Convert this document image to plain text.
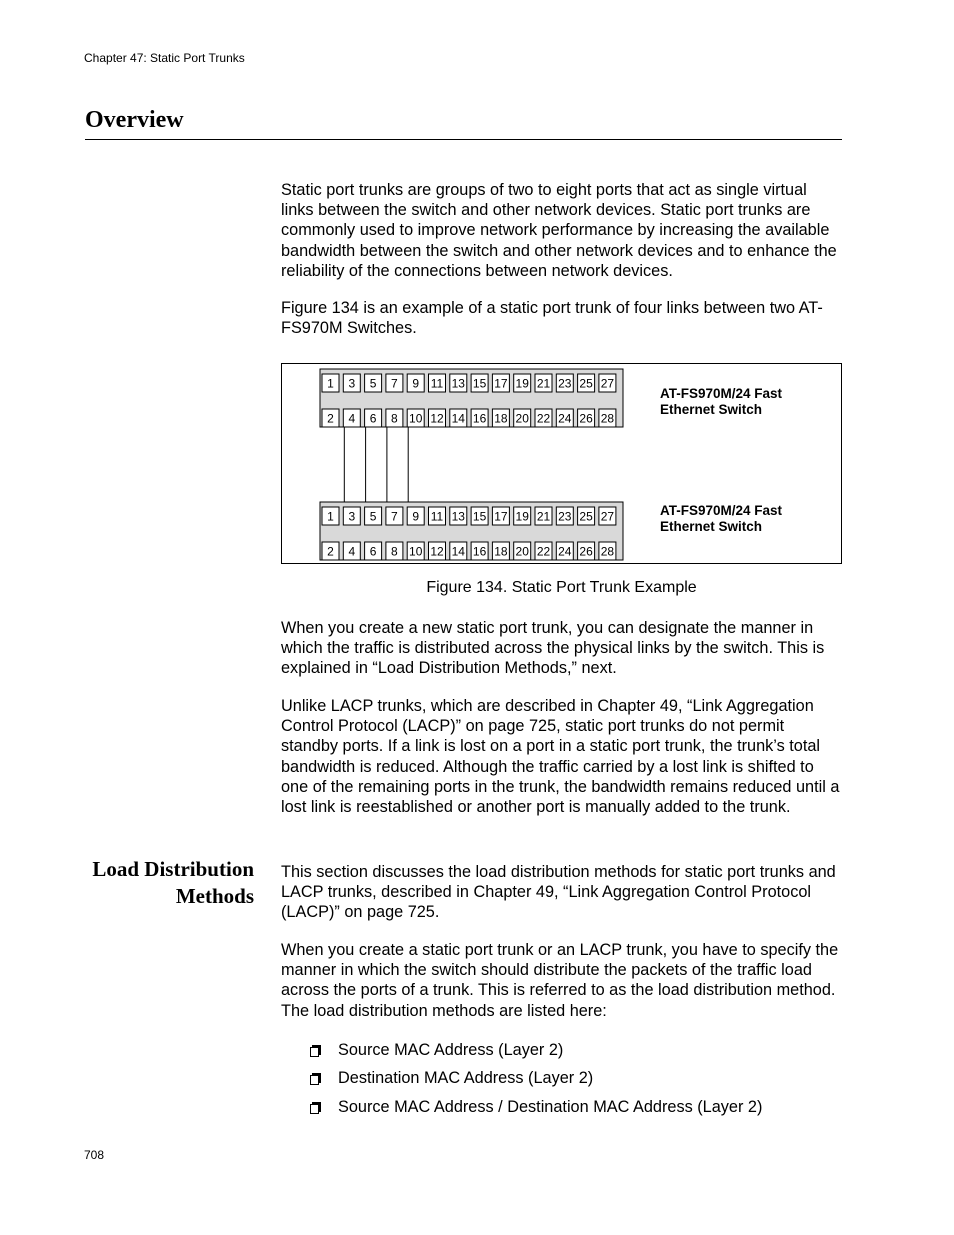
Chapter 47: Static Port Trunks
Overview

Static port trunks are groups of two to eight ports that act as single virtual links between the switch and other network devices. Static port trunks are commonly used to improve network performance by increasing the available bandwidth between the switch and other network devices and to enhance the reliability of the connections between network devices.

Figure 134 is an example of a static port trunk of four links between two AT-FS970M Switches.

1 3 5 7 9 11 13 15 17 19 21 23 25 27
2 4 6 8 10 12 14 16 18 20 22 24 26 28
1 3 5 7 9 11 13 15 17 19 21 23 25 27
2 4 6 8 10 12 14 16 18 20 22 24 26 28
AT-FS970M/24 Fast Ethernet Switch
AT-FS970M/24 Fast Ethernet Switch
Figure 134. Static Port Trunk Example

When you create a new static port trunk, you can designate the manner in which the traffic is distributed across the physical links by the switch. This is explained in “Load Distribution Methods,” next.

Unlike LACP trunks, which are described in Chapter 49, “Link Aggregation Control Protocol (LACP)” on page 725, static port trunks do not permit standby ports. If a link is lost on a port in a static port trunk, the trunk’s total bandwidth is reduced. Although the traffic carried by a lost link is shifted to one of the remaining ports in the trunk, the bandwidth remains reduced until a lost link is reestablished or another port is manually added to the trunk.

Load Distribution
Methods

This section discusses the load distribution methods for static port trunks and LACP trunks, described in Chapter 49, “Link Aggregation Control Protocol (LACP)” on page 725.

When you create a static port trunk or an LACP trunk, you have to specify the manner in which the switch should distribute the packets of the traffic load across the ports of a trunk. This is referred to as the load distribution method. The load distribution methods are listed here:

Source MAC Address (Layer 2)
Destination MAC Address (Layer 2)
Source MAC Address / Destination MAC Address (Layer 2)
708
